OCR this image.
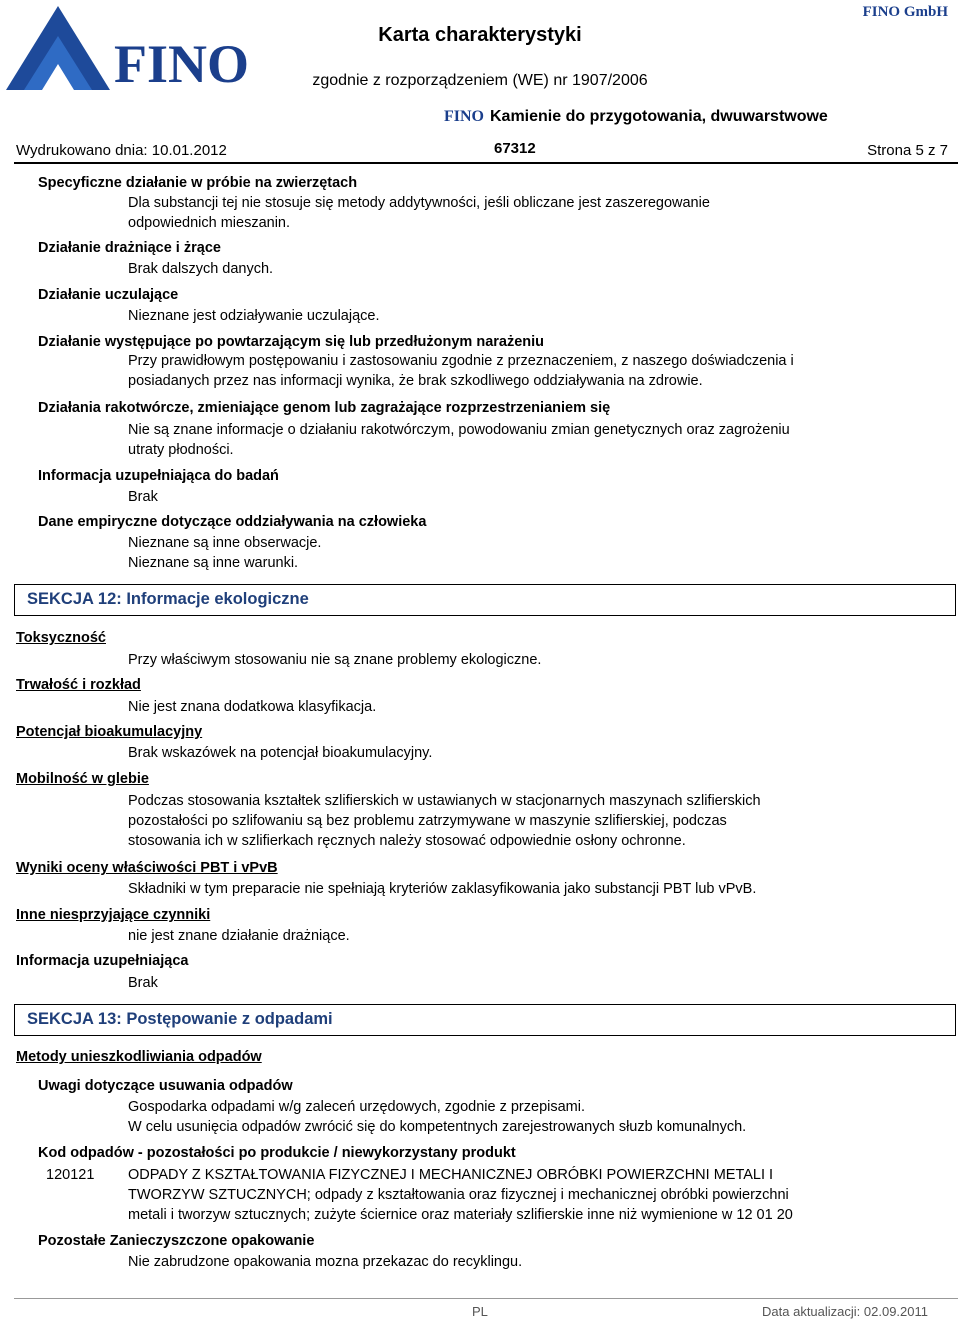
FINO	Karta charakterystyki
FINO GmbH
zgodnie z rozporządzeniem (WE) nr 1907/2006
FINO Kamienie do przygotowania, dwuwarstwowe
Wydrukowano dnia: 10.01.2012	67312	Strona 5 z 7
Specyficzne działanie w próbie na zwierzętach
Dla substancji tej nie stosuje się metody addytywności, jeśli obliczane jest zaszeregowanie
odpowiednich mieszanin.
Działanie drażniące i żrące
Brak dalszych danych.
Działanie uczulające
Nieznane jest odziaływanie uczulające.
Działanie występujące po powtarzającym się lub przedłużonym narażeniu
Przy prawidłowym postępowaniu i zastosowaniu zgodnie z przeznaczeniem, z naszego doświadczenia i
posiadanych przez nas informacji wynika, że brak szkodliwego oddziaływania na zdrowie.
Działania rakotwórcze, zmieniające genom lub zagrażające rozprzestrzenianiem się
Nie są znane informacje o działaniu rakotwórczym, powodowaniu zmian genetycznych oraz zagrożeniu
utraty płodności.
Informacja uzupełniająca do badań
Brak
Dane empiryczne dotyczące oddziaływania na człowieka
Nieznane są inne obserwacje.
Nieznane są inne warunki.
SEKCJA 12: Informacje ekologiczne
Toksyczność
Przy właściwym stosowaniu nie są znane problemy ekologiczne.
Trwałość i rozkład
Nie jest znana dodatkowa klasyfikacja.
Potencjał bioakumulacyjny
Brak wskazówek na potencjał bioakumulacyjny.
Mobilność w glebie
Podczas stosowania kształtek szlifierskich w ustawianych w stacjonarnych maszynach szlifierskich
pozostałości po szlifowaniu są bez problemu zatrzymywane w maszynie szlifierskiej, podczas
stosowania ich w szlifierkach ręcznych należy stosować odpowiednie osłony ochronne.
Wyniki oceny właściwości PBT i vPvB
Składniki w tym preparacie nie spełniają kryteriów zaklasyfikowania jako substancji PBT lub vPvB.
Inne niesprzyjające czynniki
nie jest znane działanie drażniące.
Informacja uzupełniająca
Brak
SEKCJA 13: Postępowanie z odpadami
Metody unieszkodliwiania odpadów
Uwagi dotyczące usuwania odpadów
Gospodarka odpadami w/g zaleceń urzędowych, zgodnie z przepisami.
W celu usunięcia odpadów zwrócić się do kompetentnych zarejestrowanych słuzb komunalnych.
Kod odpadów - pozostałości po produkcie / niewykorzystany produkt
120121 ODPADY Z KSZTAŁTOWANIA FIZYCZNEJ I MECHANICZNEJ OBRÓBKI POWIERZCHNI METALI I
TWORZYW SZTUCZNYCH; odpady z kształtowania oraz fizycznej i mechanicznej obróbki powierzchni
metali i tworzyw sztucznych; zużyte ściernice oraz materiały szlifierskie inne niż wymienione w 12 01 20
Pozostałe Zanieczyszczone opakowanie
Nie zabrudzone opakowania mozna przekazac do recyklingu.
PL	Data aktualizacji: 02.09.2011
